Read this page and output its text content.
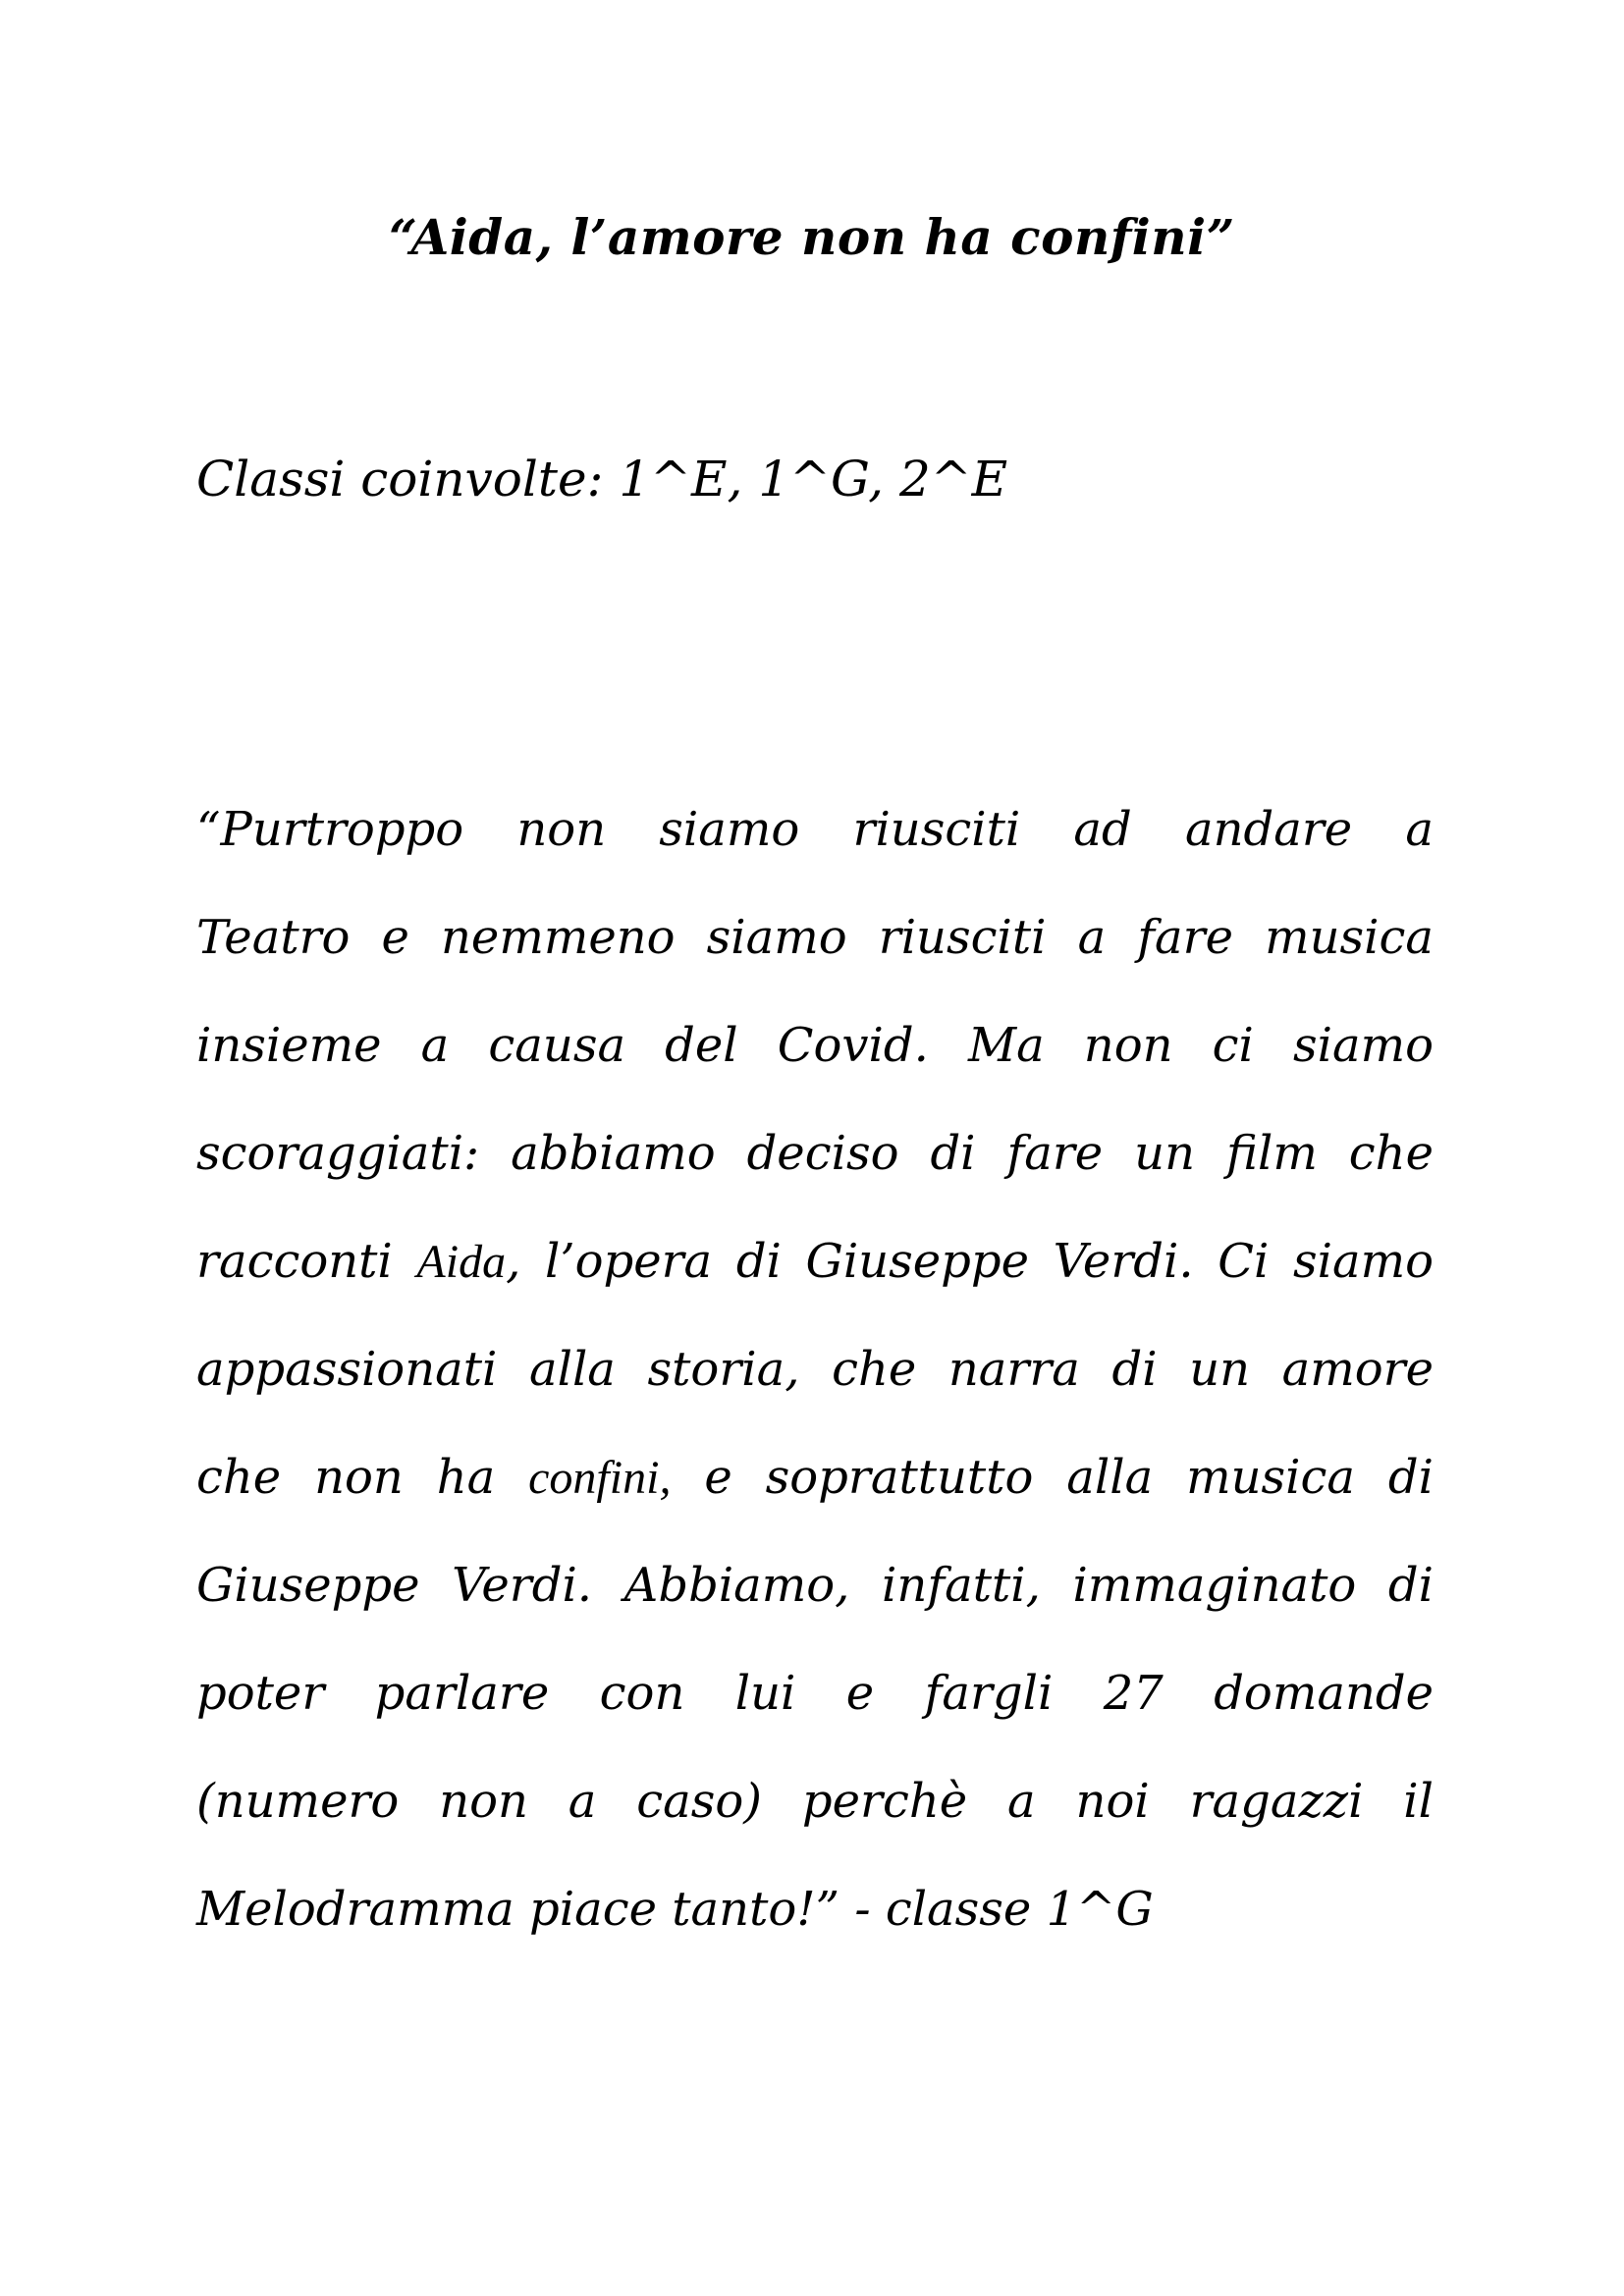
“Aida, l’amore non ha confini”
Classi coinvolte: 1^E, 1^G, 2^E
“Purtroppo non siamo riusciti ad andare a
Teatro e nemmeno siamo riusciti a fare musica
insieme a causa del Covid. Ma non ci siamo
scoraggiati: abbiamo deciso di fare un film che
racconti Aida, l’opera di Giuseppe Verdi. Ci siamo
appassionati alla storia, che narra di un amore
che non ha confini, e soprattutto alla musica di
Giuseppe Verdi. Abbiamo, infatti, immaginato di
poter parlare con lui e fargli 27 domande
(numero non a caso) perchè a noi ragazzi il
Melodramma piace tanto!” - classe 1^G
